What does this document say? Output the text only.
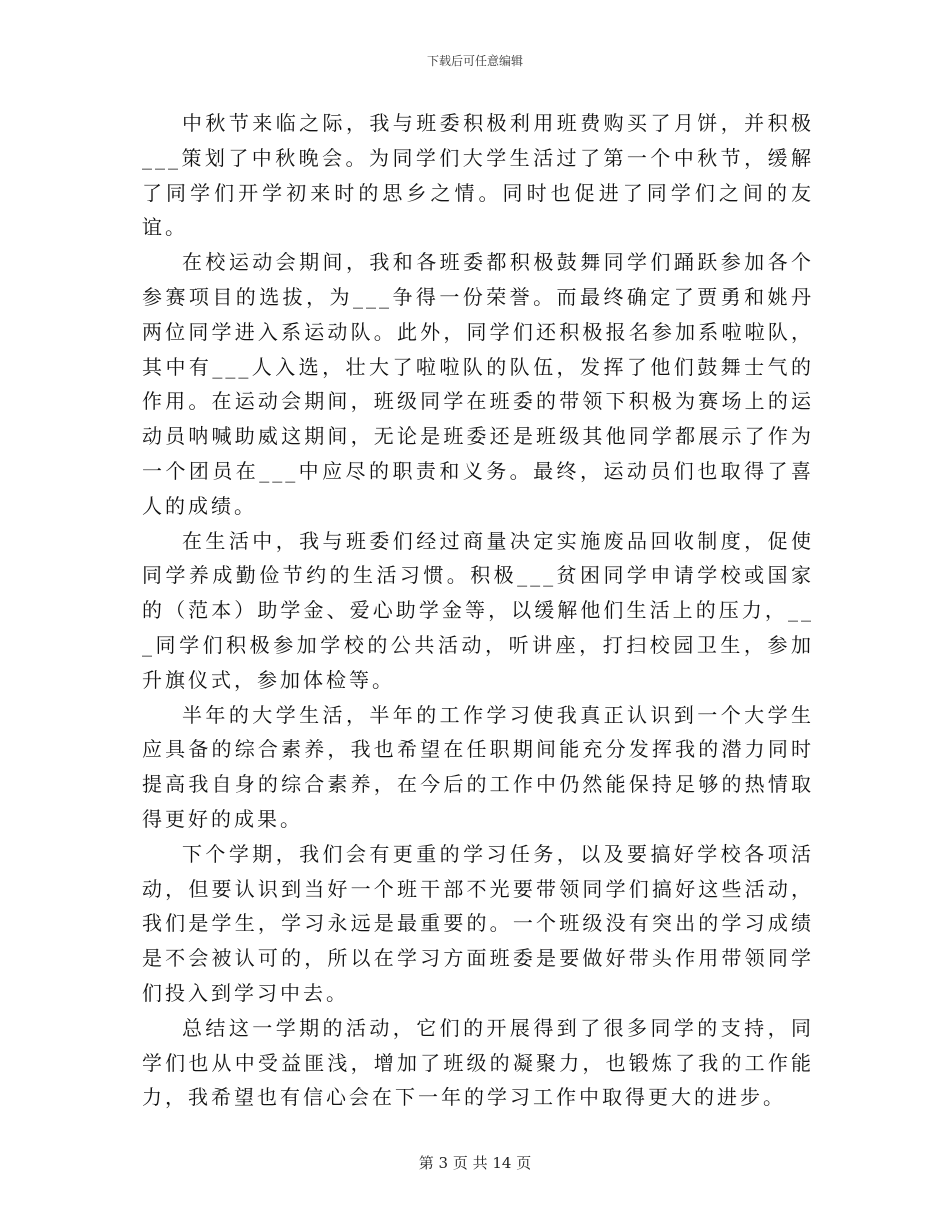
下载后可任意编辑

中秋节来临之际，我与班委积极利用班费购买了月饼，并积极___策划了中秋晚会。为同学们大学生活过了第一个中秋节，缓解了同学们开学初来时的思乡之情。同时也促进了同学们之间的友谊。

在校运动会期间，我和各班委都积极鼓舞同学们踊跃参加各个参赛项目的选拔，为___争得一份荣誉。而最终确定了贾勇和姚丹两位同学进入系运动队。此外，同学们还积极报名参加系啦啦队，其中有___人入选，壮大了啦啦队的队伍，发挥了他们鼓舞士气的作用。在运动会期间，班级同学在班委的带领下积极为赛场上的运动员呐喊助威这期间，无论是班委还是班级其他同学都展示了作为一个团员在___中应尽的职责和义务。最终，运动员们也取得了喜人的成绩。

在生活中，我与班委们经过商量决定实施废品回收制度，促使同学养成勤俭节约的生活习惯。积极___贫困同学申请学校或国家的（范本）助学金、爱心助学金等，以缓解他们生活上的压力，___同学们积极参加学校的公共活动，听讲座，打扫校园卫生，参加升旗仪式，参加体检等。

半年的大学生活，半年的工作学习使我真正认识到一个大学生应具备的综合素养，我也希望在任职期间能充分发挥我的潜力同时提高我自身的综合素养，在今后的工作中仍然能保持足够的热情取得更好的成果。

下个学期，我们会有更重的学习任务，以及要搞好学校各项活动，但要认识到当好一个班干部不光要带领同学们搞好这些活动，我们是学生，学习永远是最重要的。一个班级没有突出的学习成绩是不会被认可的，所以在学习方面班委是要做好带头作用带领同学们投入到学习中去。

总结这一学期的活动，它们的开展得到了很多同学的支持，同学们也从中受益匪浅，增加了班级的凝聚力，也锻炼了我的工作能力，我希望也有信心会在下一年的学习工作中取得更大的进步。

第 3 页 共 14 页
